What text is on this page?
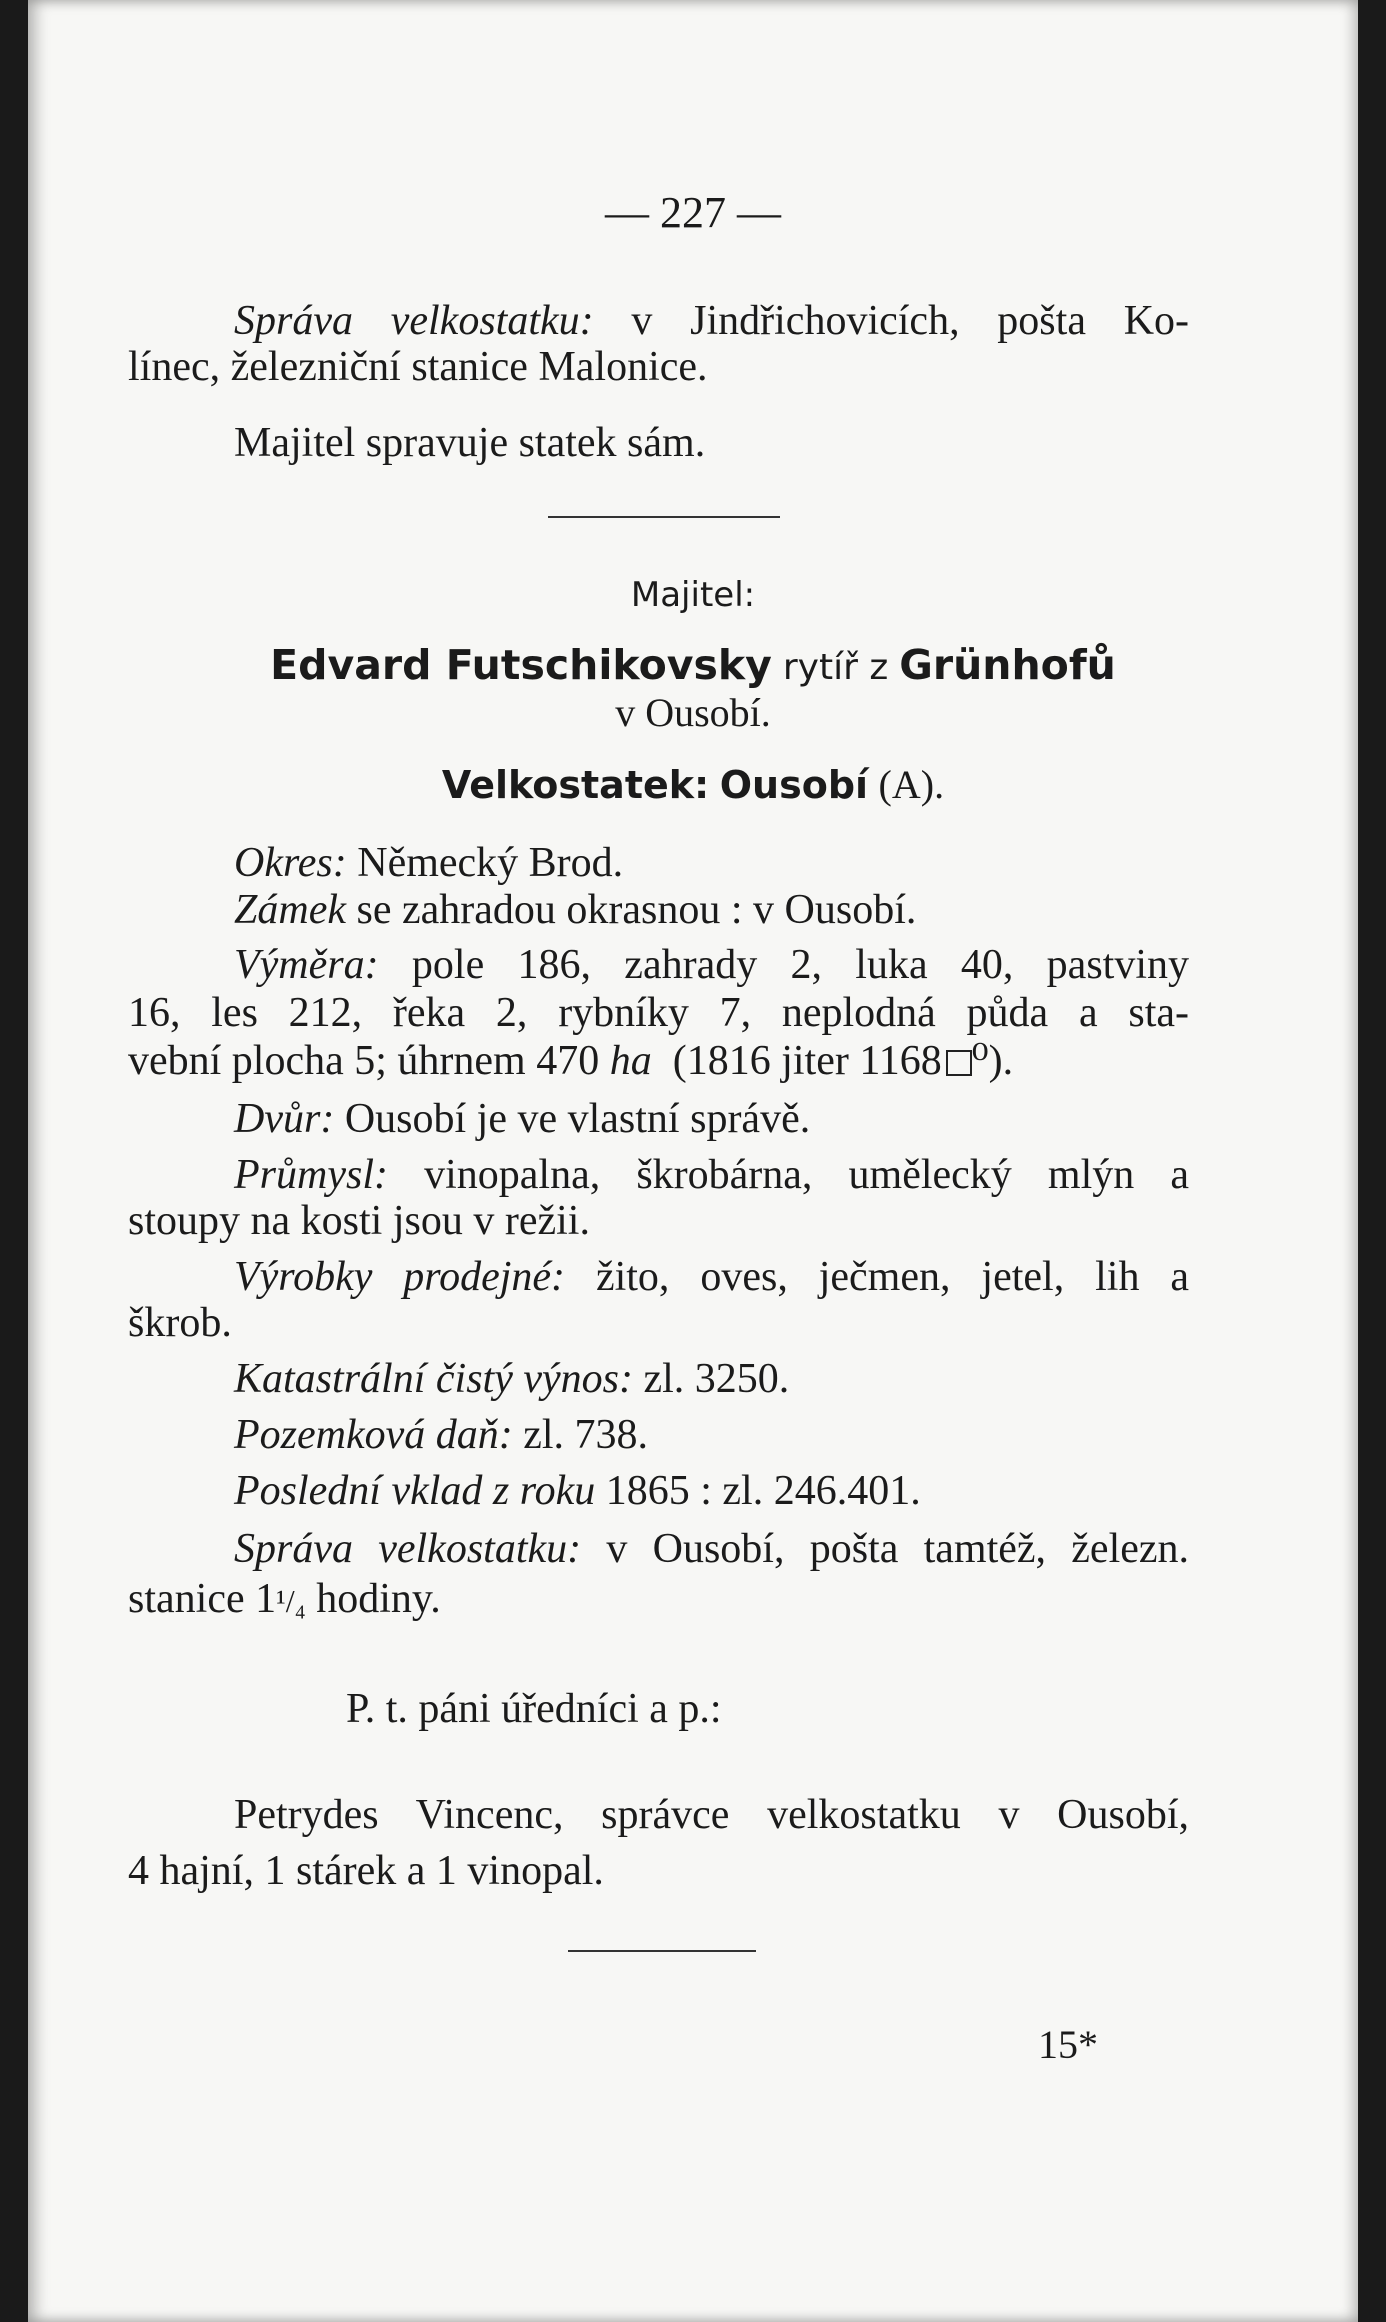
— 227 —
Správa velkostatku: v Jindřichovicích, pošta Ko-
línec, železniční stanice Malonice.
Majitel spravuje statek sám.
Majitel:
Edvard Futschikovsky rytíř z Grünhofů
v Ousobí.
Velkostatek: Ousobí (A).
Okres: Německý Brod.
Zámek se zahradou okrasnou : v Ousobí.
Výměra: pole 186, zahrady 2, luka 40, pastviny
16, les 212, řeka 2, rybníky 7, neplodná půda a sta-
vební plocha 5; úhrnem 470 ha (1816 jiter 1168 ⁰).
Dvůr: Ousobí je ve vlastní správě.
Průmysl: vinopalna, škrobárna, umělecký mlýn a
stoupy na kosti jsou v režii.
Výrobky prodejné: žito, oves, ječmen, jetel, lih a
škrob.
Katastrální čistý výnos: zl. 3250.
Pozemková daň: zl. 738.
Poslední vklad z roku 1865 : zl. 246.401.
Správa velkostatku: v Ousobí, pošta tamtéž, železn.
stanice 1¹/₄ hodiny.
P. t. páni úředníci a p.:
Petrydes Vincenc, správce velkostatku v Ousobí,
4 hajní, 1 stárek a 1 vinopal.
15*
